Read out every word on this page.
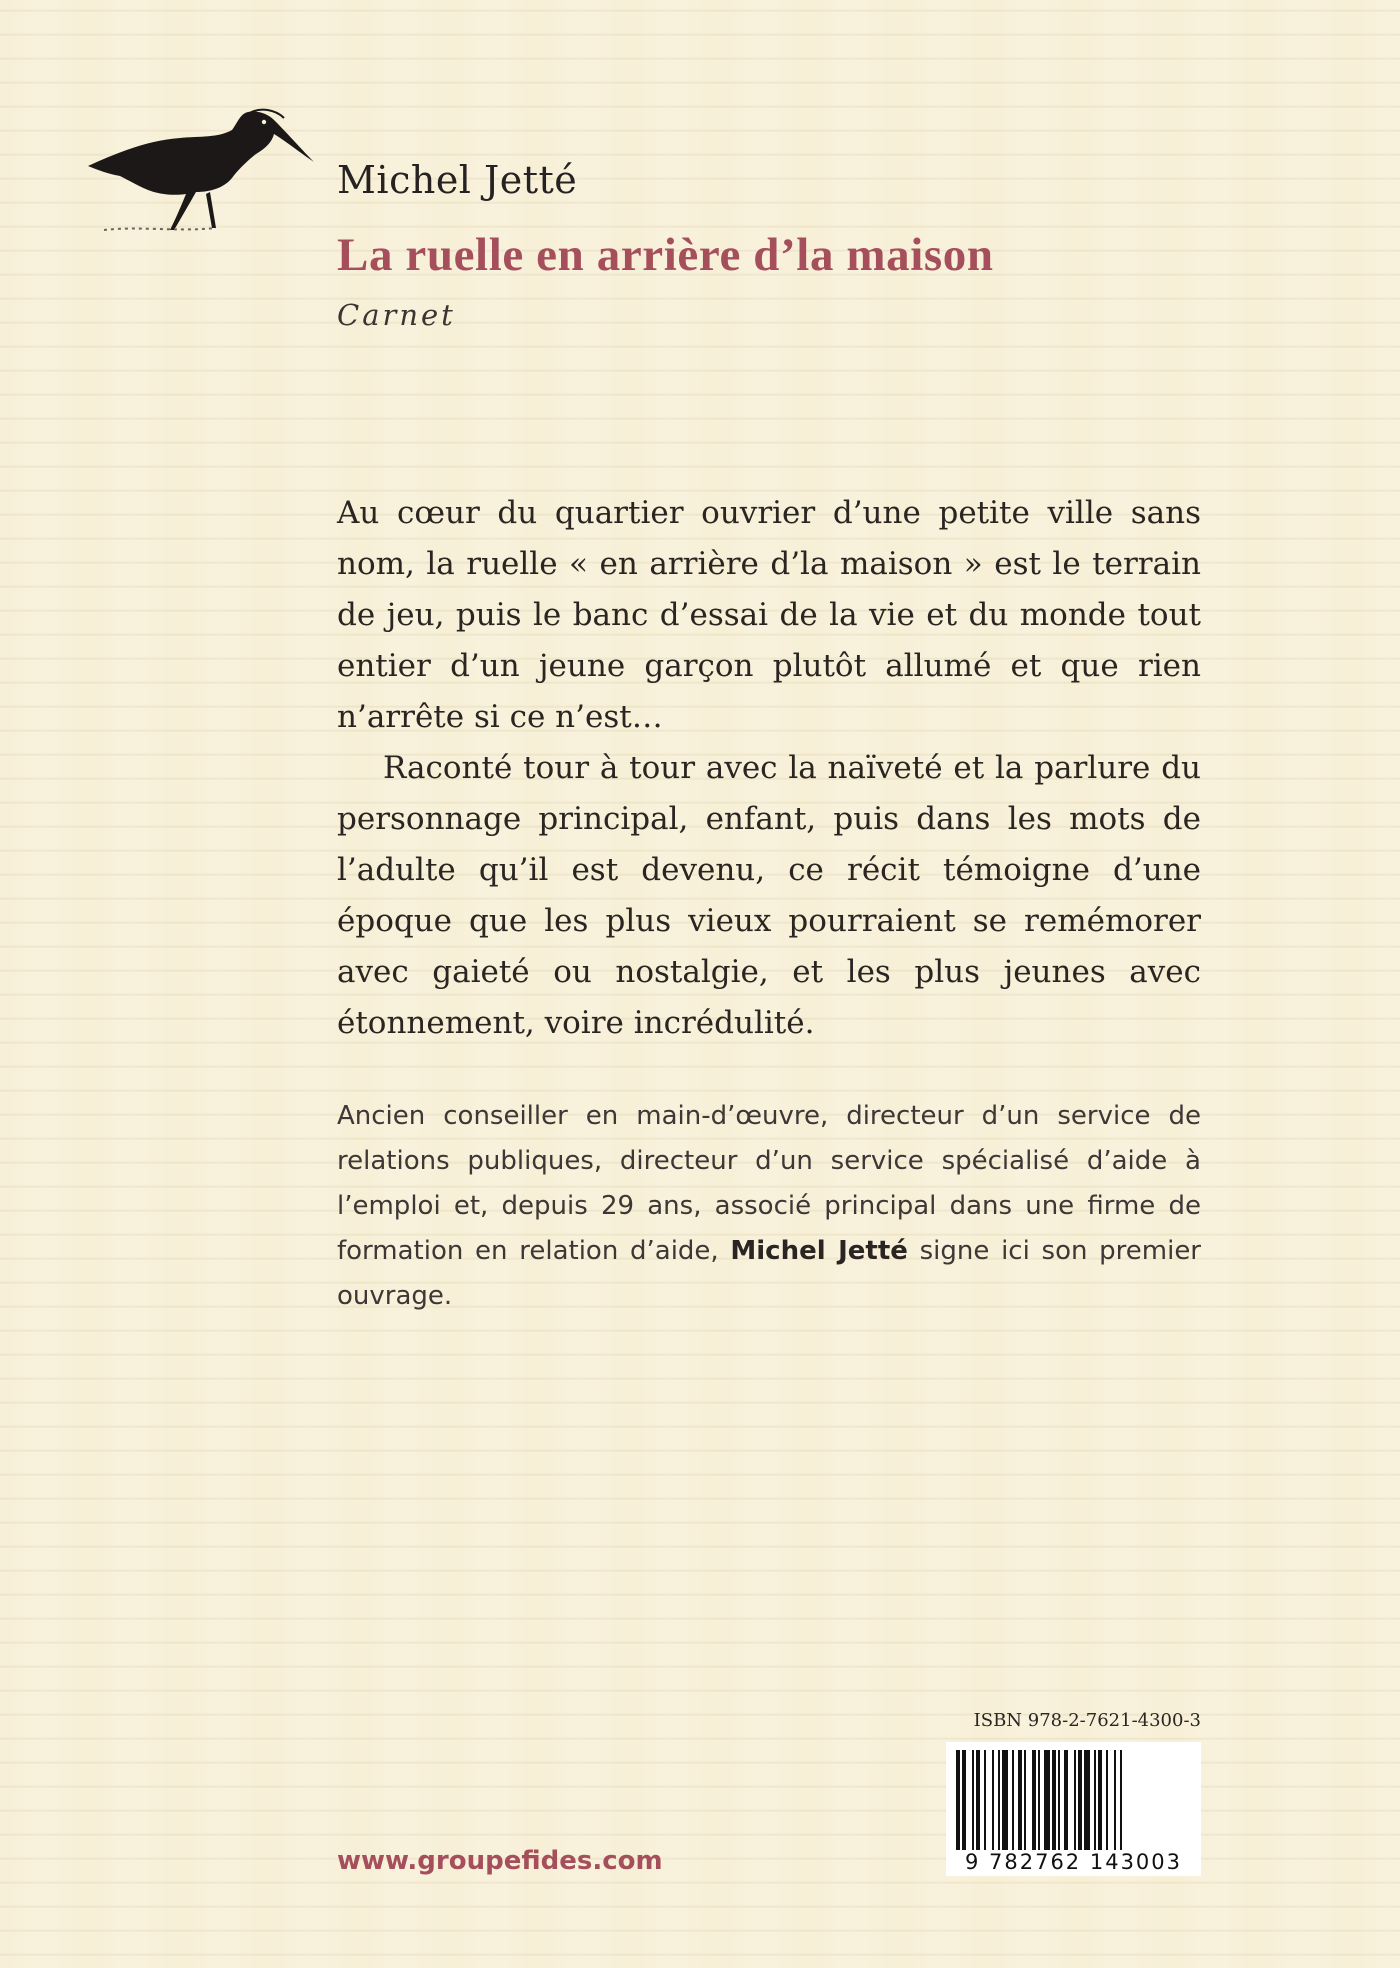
Michel Jetté
La ruelle en arrière d’la maison
Carnet

Au cœur du quartier ouvrier d’une petite ville sans nom, la ruelle « en arrière d’la maison » est le terrain de jeu, puis le banc d’essai de la vie et du monde tout entier d’un jeune garçon plutôt allumé et que rien n’arrête si ce n’est…

Raconté tour à tour avec la naïveté et la parlure du personnage principal, enfant, puis dans les mots de l’adulte qu’il est devenu, ce récit témoigne d’une époque que les plus vieux pourraient se remémorer avec gaieté ou nostalgie, et les plus jeunes avec étonnement, voire incrédulité.

Ancien conseiller en main-d’œuvre, directeur d’un service de relations publiques, directeur d’un service spécialisé d’aide à l’emploi et, depuis 29 ans, associé principal dans une firme de formation en relation d’aide, Michel Jetté signe ici son premier ouvrage.
ISBN 978-2-7621-4300-3
9 782762 143003
www.groupefides.com
